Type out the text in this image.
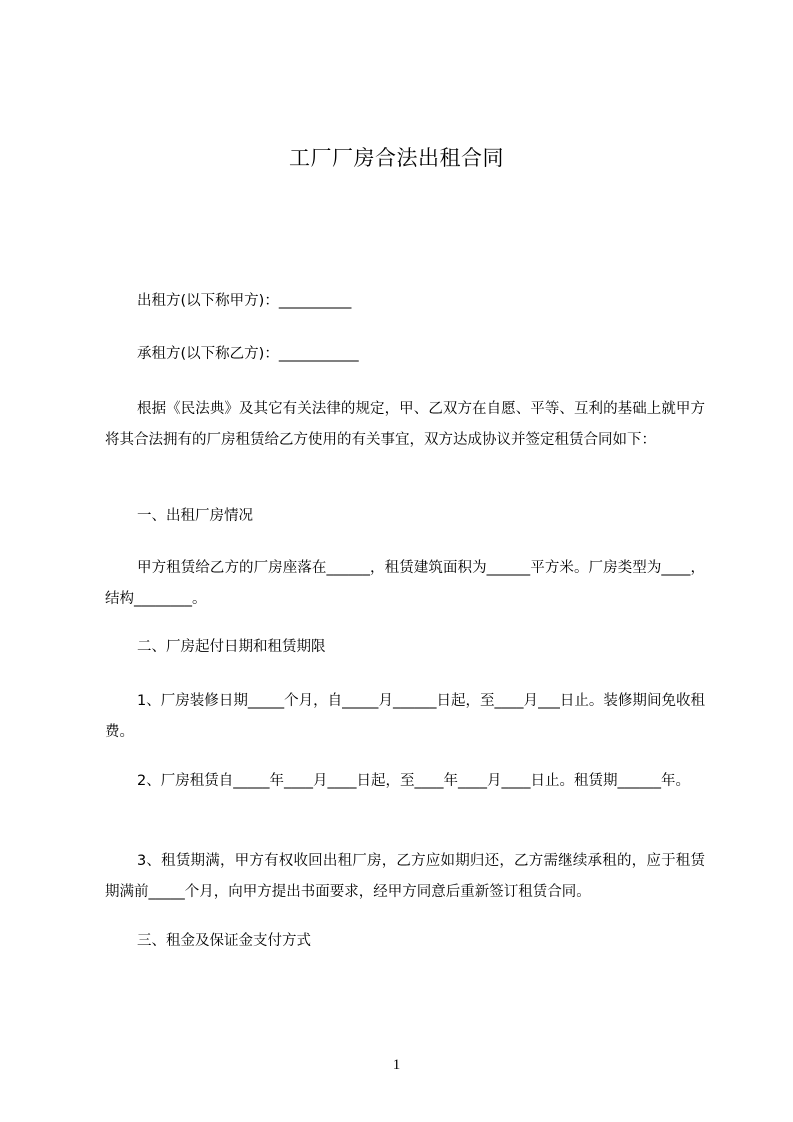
工厂厂房合法出租合同

出租方(以下称甲方)：__________

承租方(以下称乙方)：___________

根据《民法典》及其它有关法律的规定，甲、乙双方在自愿、平等、互利的基础上就甲方将其合法拥有的厂房租赁给乙方使用的有关事宜，双方达成协议并签定租赁合同如下：

一、出租厂房情况

甲方租赁给乙方的厂房座落在______，租赁建筑面积为______平方米。厂房类型为____，结构________。

二、厂房起付日期和租赁期限

1、厂房装修日期_____个月，自_____月______日起，至____月___日止。装修期间免收租费。

2、厂房租赁自_____年____月____日起，至____年____月____日止。租赁期______年。

3、租赁期满，甲方有权收回出租厂房，乙方应如期归还，乙方需继续承租的，应于租赁期满前_____个月，向甲方提出书面要求，经甲方同意后重新签订租赁合同。

三、租金及保证金支付方式

1
